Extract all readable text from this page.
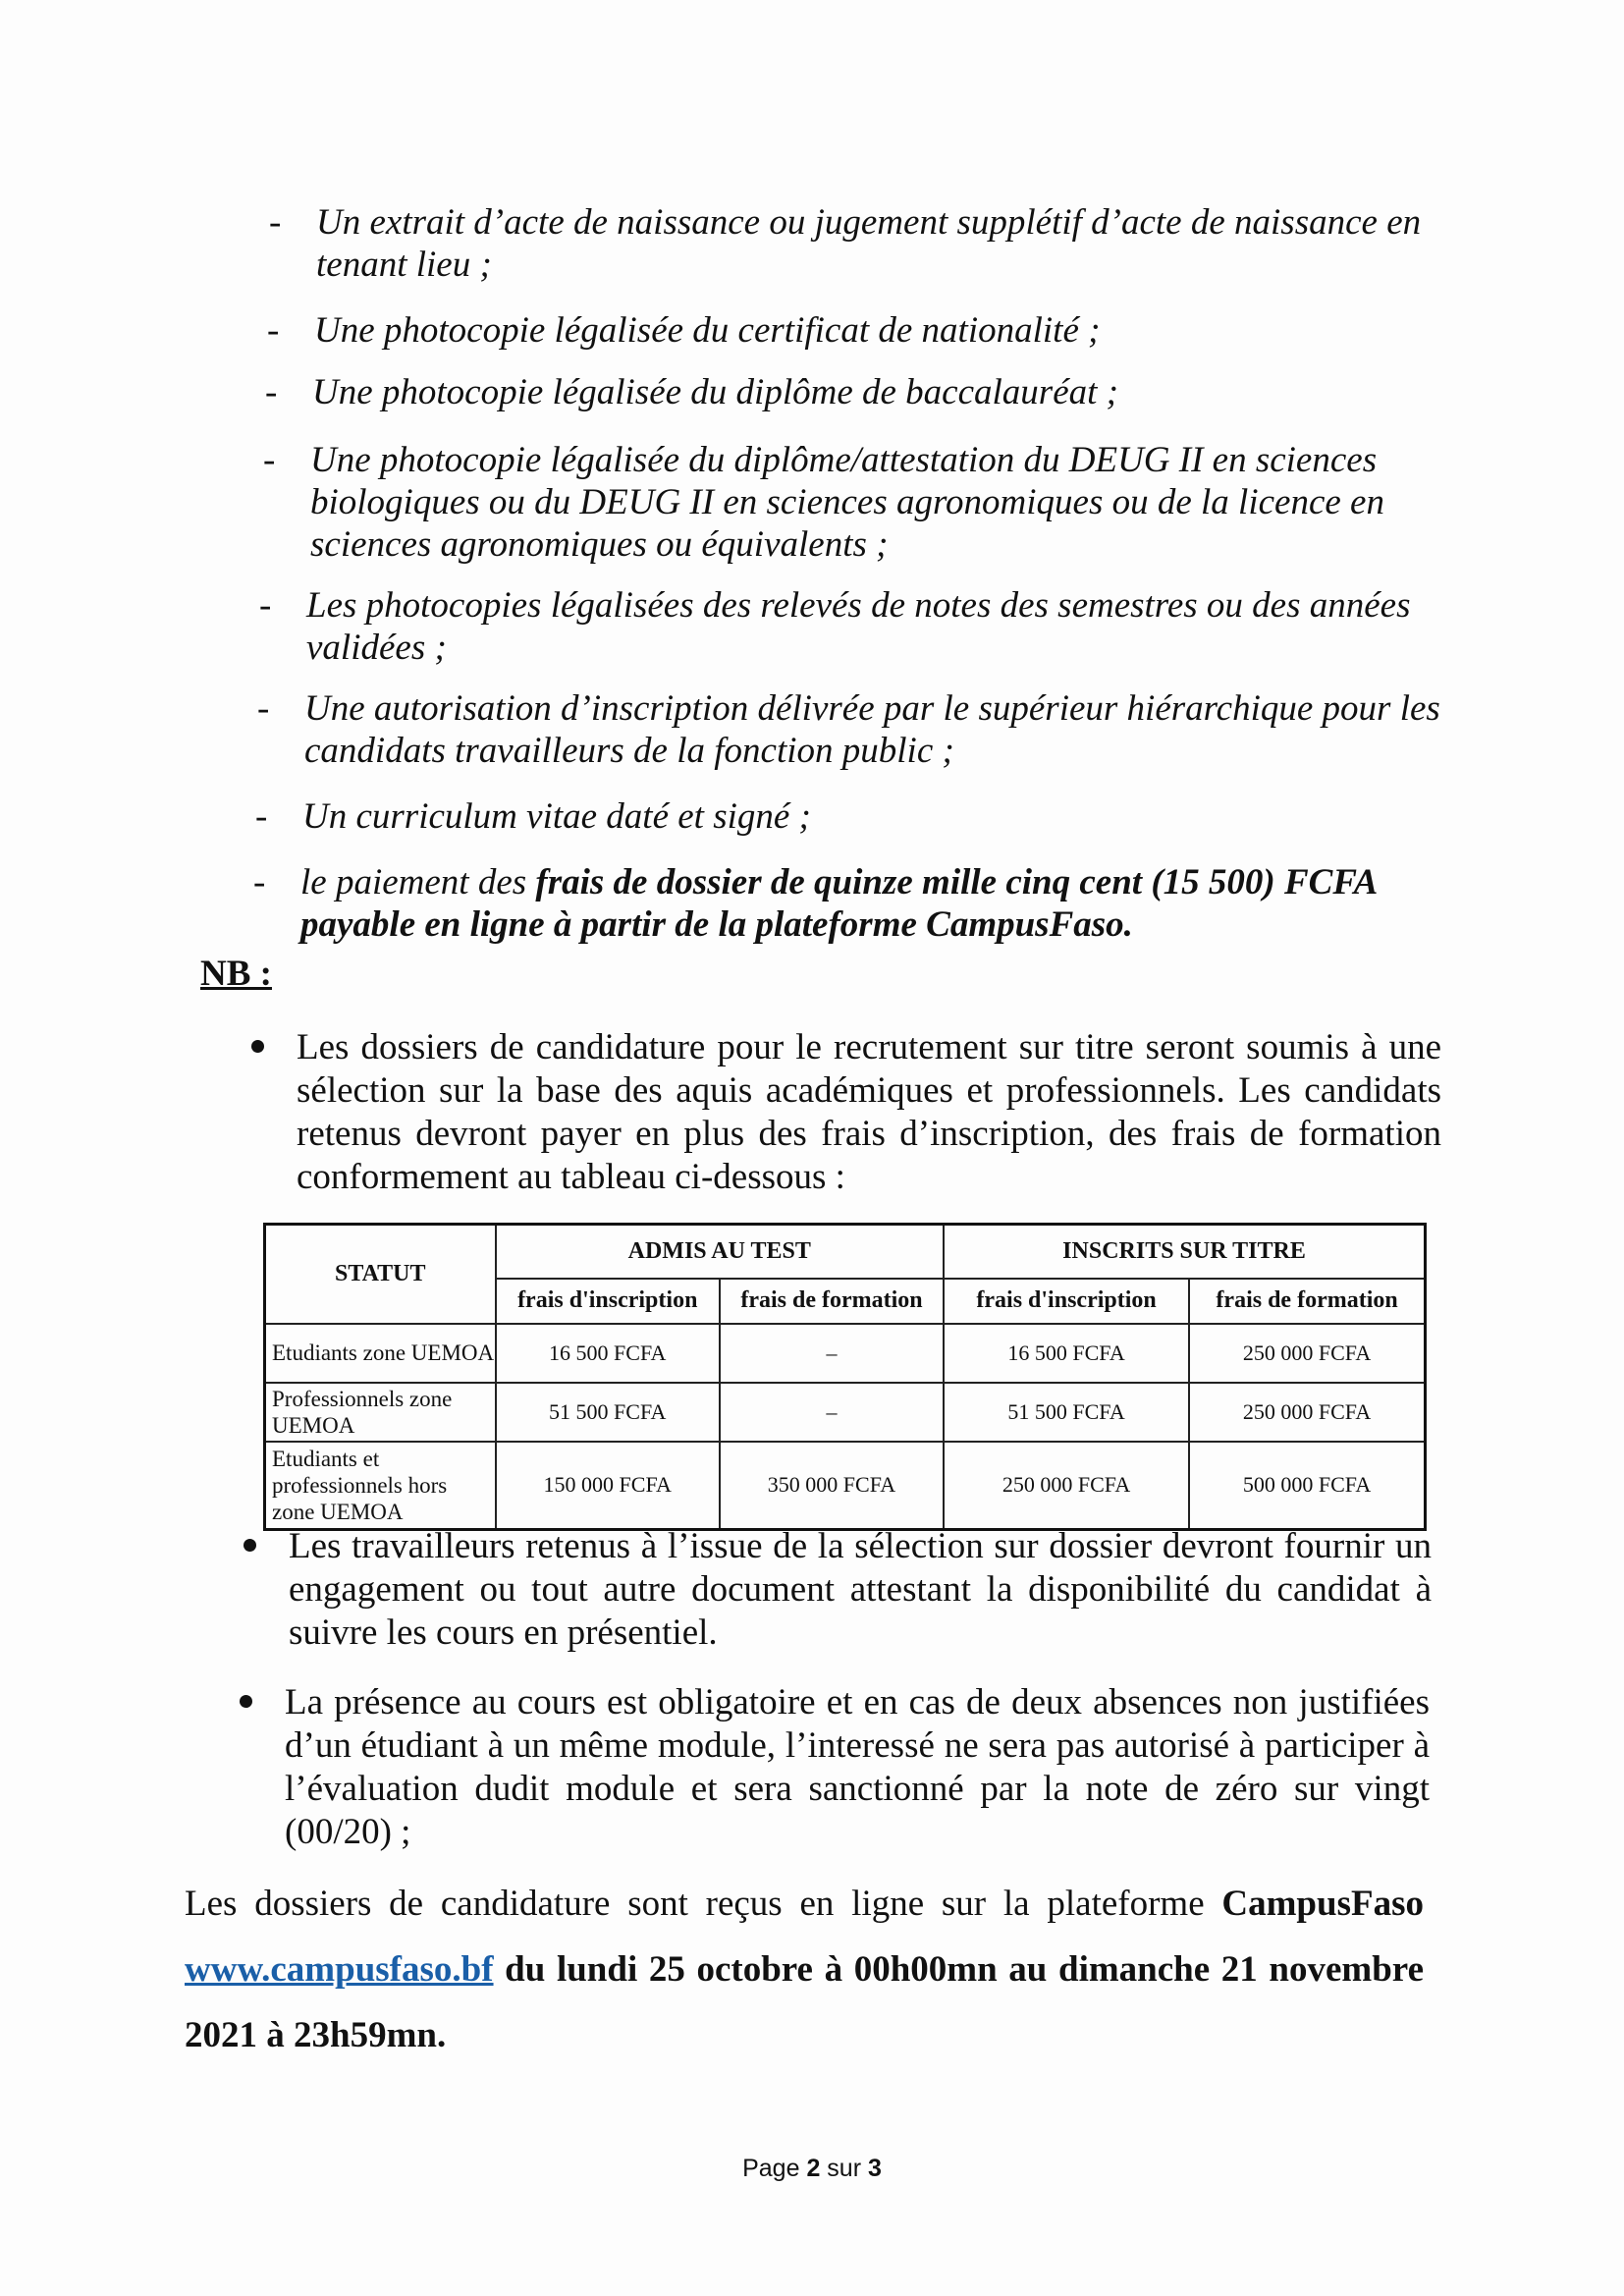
- Un extrait d’acte de naissance ou jugement supplétif d’acte de naissance en tenant lieu ;
- Une photocopie légalisée du certificat de nationalité ;
- Une photocopie légalisée du diplôme de baccalauréat ;
- Une photocopie légalisée du diplôme/attestation du DEUG II en sciences biologiques ou du DEUG II en sciences agronomiques ou de la licence en sciences agronomiques ou équivalents ;
- Les photocopies légalisées des relevés de notes des semestres ou des années validées ;
- Une autorisation d’inscription délivrée par le supérieur hiérarchique pour les candidats travailleurs de la fonction public ;
- Un curriculum vitae daté et signé ;
- le paiement des frais de dossier de quinze mille cinq cent (15 500) FCFA payable en ligne à partir de la plateforme CampusFaso.
NB :
Les dossiers de candidature pour le recrutement sur titre seront soumis à une sélection sur la base des aquis académiques et professionnels. Les candidats retenus devront payer en plus des frais d’inscription, des frais de formation conformement au tableau ci-dessous :
STATUT	ADMIS AU TEST		INSCRITS SUR TITRE	
	frais d'inscription	frais de formation	frais d'inscription	frais de formation
Etudiants zone UEMOA	16 500 FCFA	–	16 500 FCFA	250 000 FCFA
Professionnels zone UEMOA	51 500 FCFA	–	51 500 FCFA	250 000 FCFA
Etudiants et professionnels hors zone UEMOA	150 000 FCFA	350 000 FCFA	250 000 FCFA	500 000 FCFA
Les travailleurs retenus à l’issue de la sélection sur dossier devront fournir un engagement ou tout autre document attestant la disponibilité du candidat à suivre les cours en présentiel.
La présence au cours est obligatoire et en cas de deux absences non justifiées d’un étudiant à un même module, l’interessé ne sera pas autorisé à participer à l’évaluation dudit module et sera sanctionné par la note de zéro sur vingt (00/20) ;
Les dossiers de candidature sont reçus en ligne sur la plateforme CampusFaso www.campusfaso.bf du lundi 25 octobre à 00h00mn au dimanche 21 novembre 2021 à 23h59mn.
Page 2 sur 3
